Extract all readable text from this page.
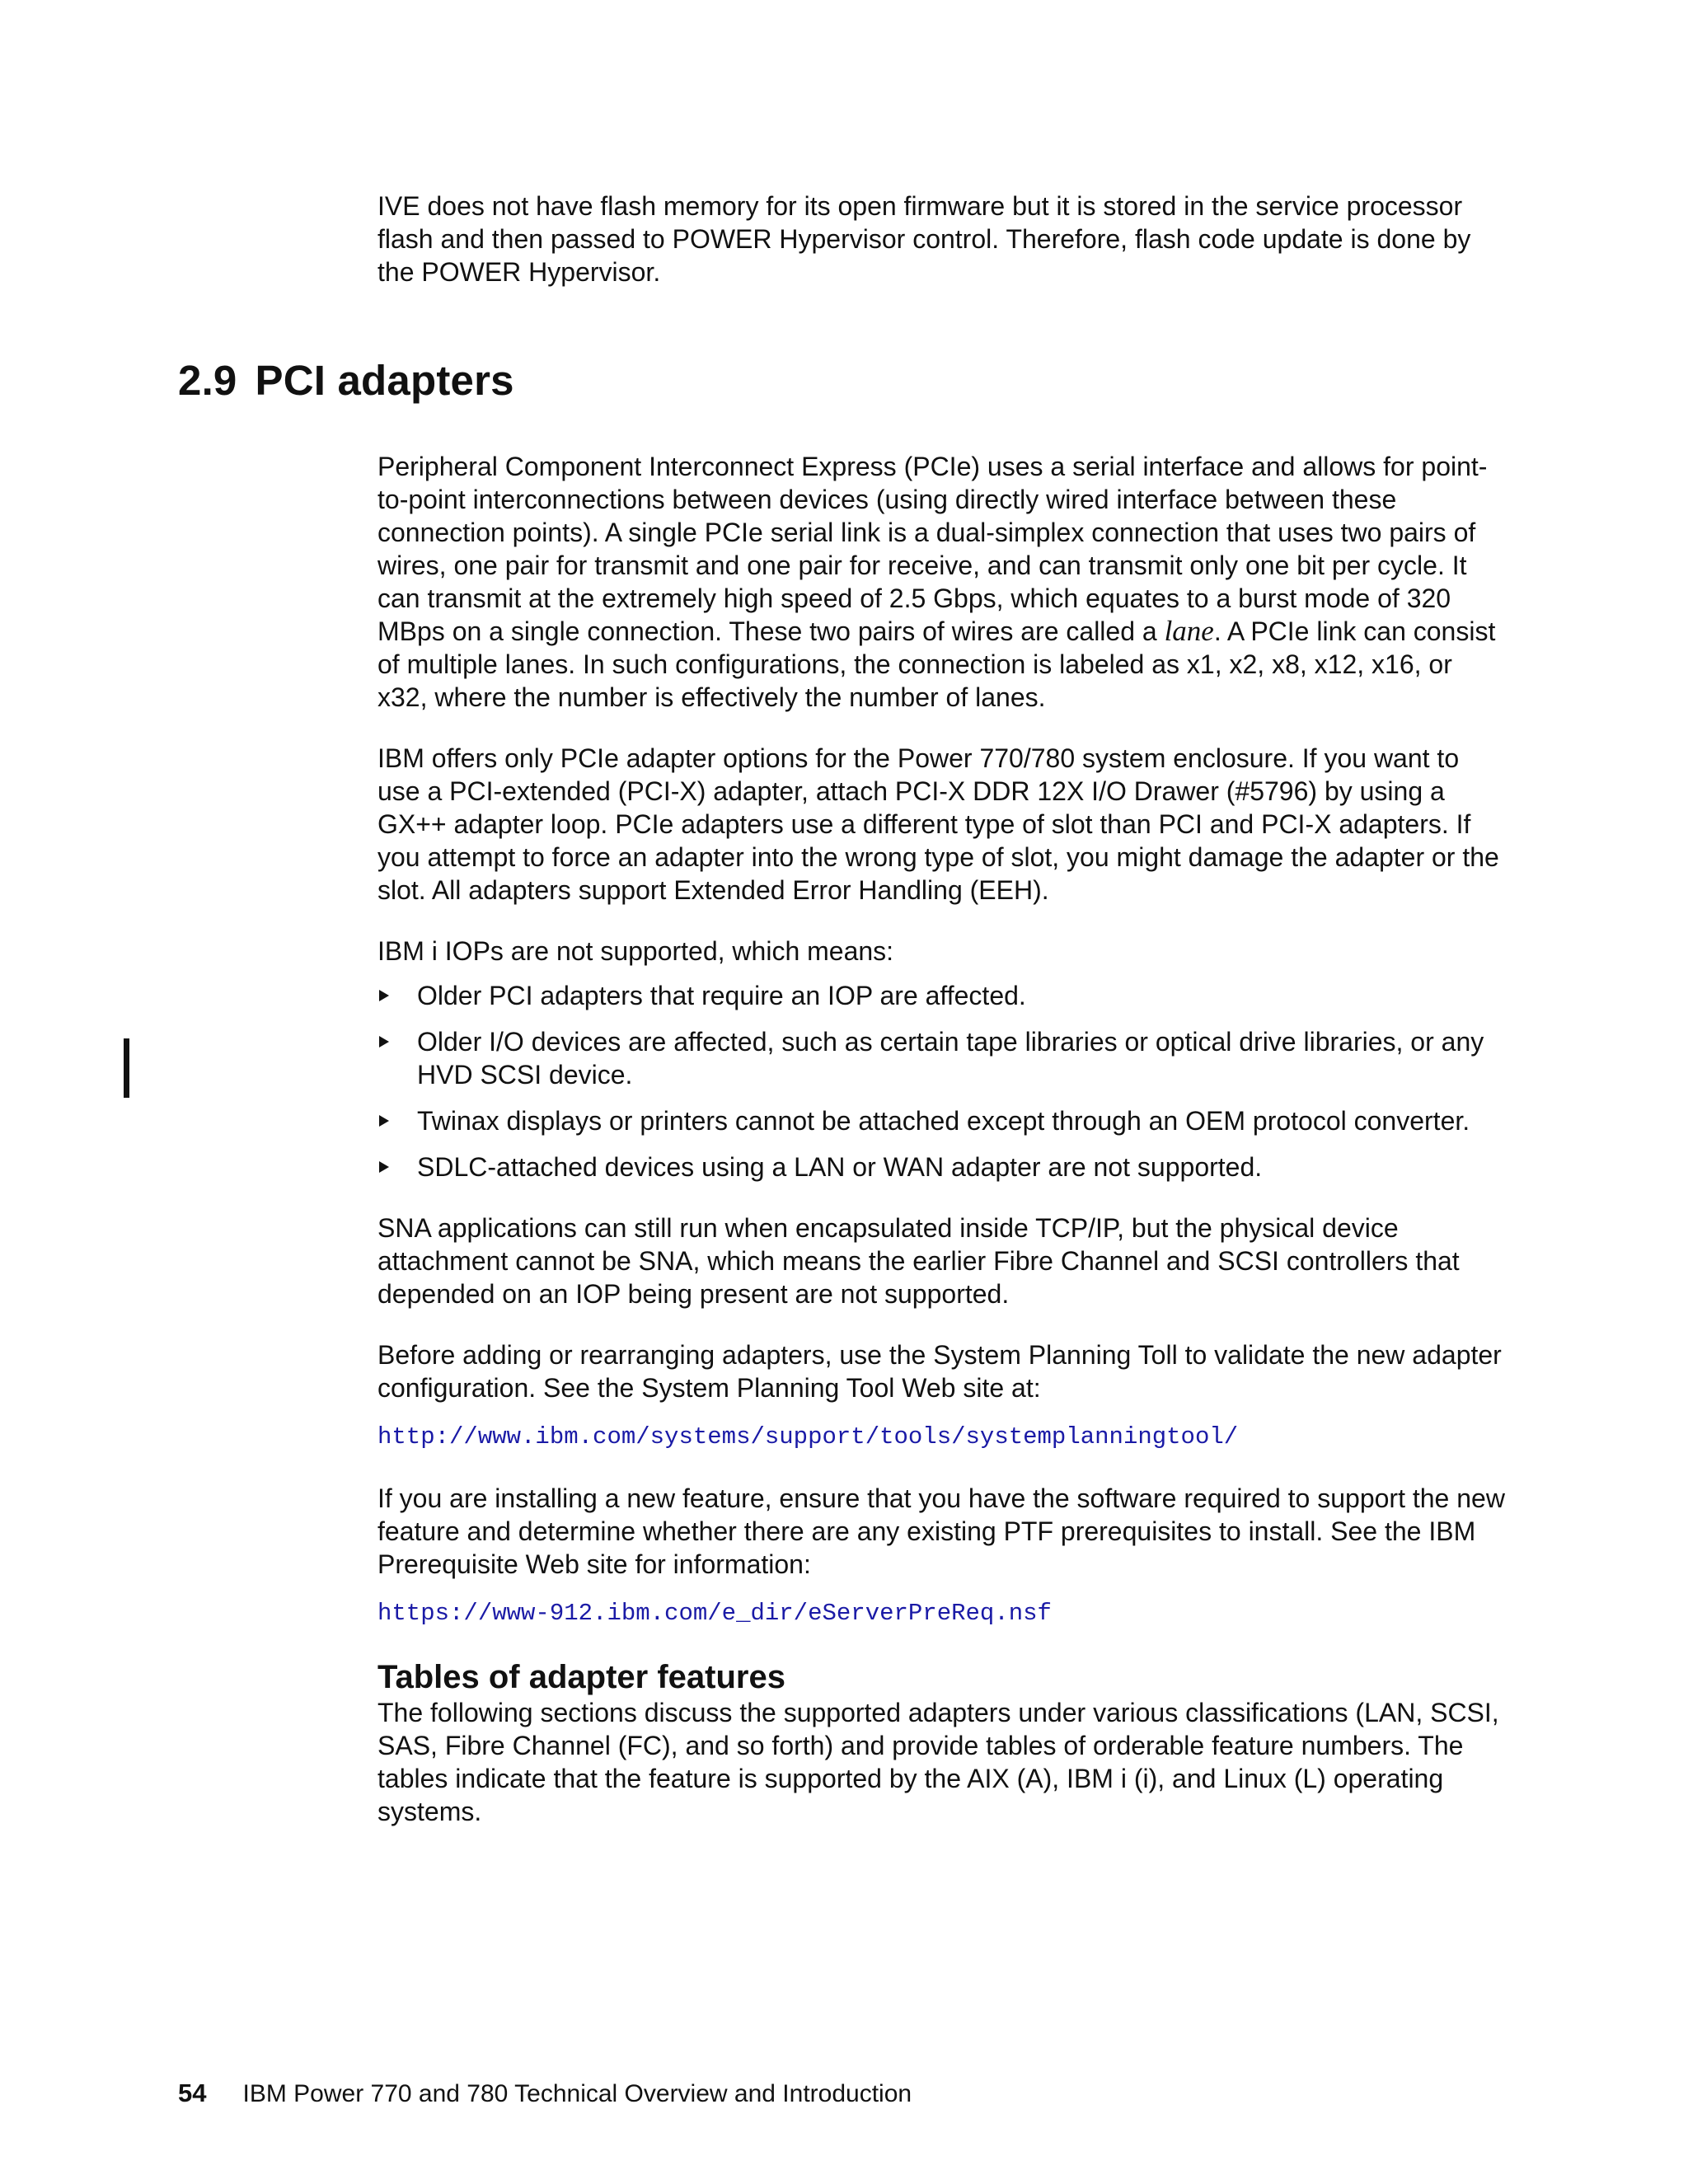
IVE does not have flash memory for its open firmware but it is stored in the service processor flash and then passed to POWER Hypervisor control. Therefore, flash code update is done by the POWER Hypervisor.

2.9 PCI adapters

Peripheral Component Interconnect Express (PCIe) uses a serial interface and allows for point-to-point interconnections between devices (using directly wired interface between these connection points). A single PCIe serial link is a dual-simplex connection that uses two pairs of wires, one pair for transmit and one pair for receive, and can transmit only one bit per cycle. It can transmit at the extremely high speed of 2.5 Gbps, which equates to a burst mode of 320 MBps on a single connection. These two pairs of wires are called a lane. A PCIe link can consist of multiple lanes. In such configurations, the connection is labeled as x1, x2, x8, x12, x16, or x32, where the number is effectively the number of lanes.

IBM offers only PCIe adapter options for the Power 770/780 system enclosure. If you want to use a PCI-extended (PCI-X) adapter, attach PCI-X DDR 12X I/O Drawer (#5796) by using a GX++ adapter loop. PCIe adapters use a different type of slot than PCI and PCI-X adapters. If you attempt to force an adapter into the wrong type of slot, you might damage the adapter or the slot. All adapters support Extended Error Handling (EEH).

IBM i IOPs are not supported, which means:

Older PCI adapters that require an IOP are affected.
Older I/O devices are affected, such as certain tape libraries or optical drive libraries, or any HVD SCSI device.
Twinax displays or printers cannot be attached except through an OEM protocol converter.
SDLC-attached devices using a LAN or WAN adapter are not supported.

SNA applications can still run when encapsulated inside TCP/IP, but the physical device attachment cannot be SNA, which means the earlier Fibre Channel and SCSI controllers that depended on an IOP being present are not supported.

Before adding or rearranging adapters, use the System Planning Toll to validate the new adapter configuration. See the System Planning Tool Web site at:

http://www.ibm.com/systems/support/tools/systemplanningtool/

If you are installing a new feature, ensure that you have the software required to support the new feature and determine whether there are any existing PTF prerequisites to install. See the IBM Prerequisite Web site for information:

https://www-912.ibm.com/e_dir/eServerPreReq.nsf
Tables of adapter features

The following sections discuss the supported adapters under various classifications (LAN, SCSI, SAS, Fibre Channel (FC), and so forth) and provide tables of orderable feature numbers. The tables indicate that the feature is supported by the AIX (A), IBM i (i), and Linux (L) operating systems.

54 IBM Power 770 and 780 Technical Overview and Introduction
